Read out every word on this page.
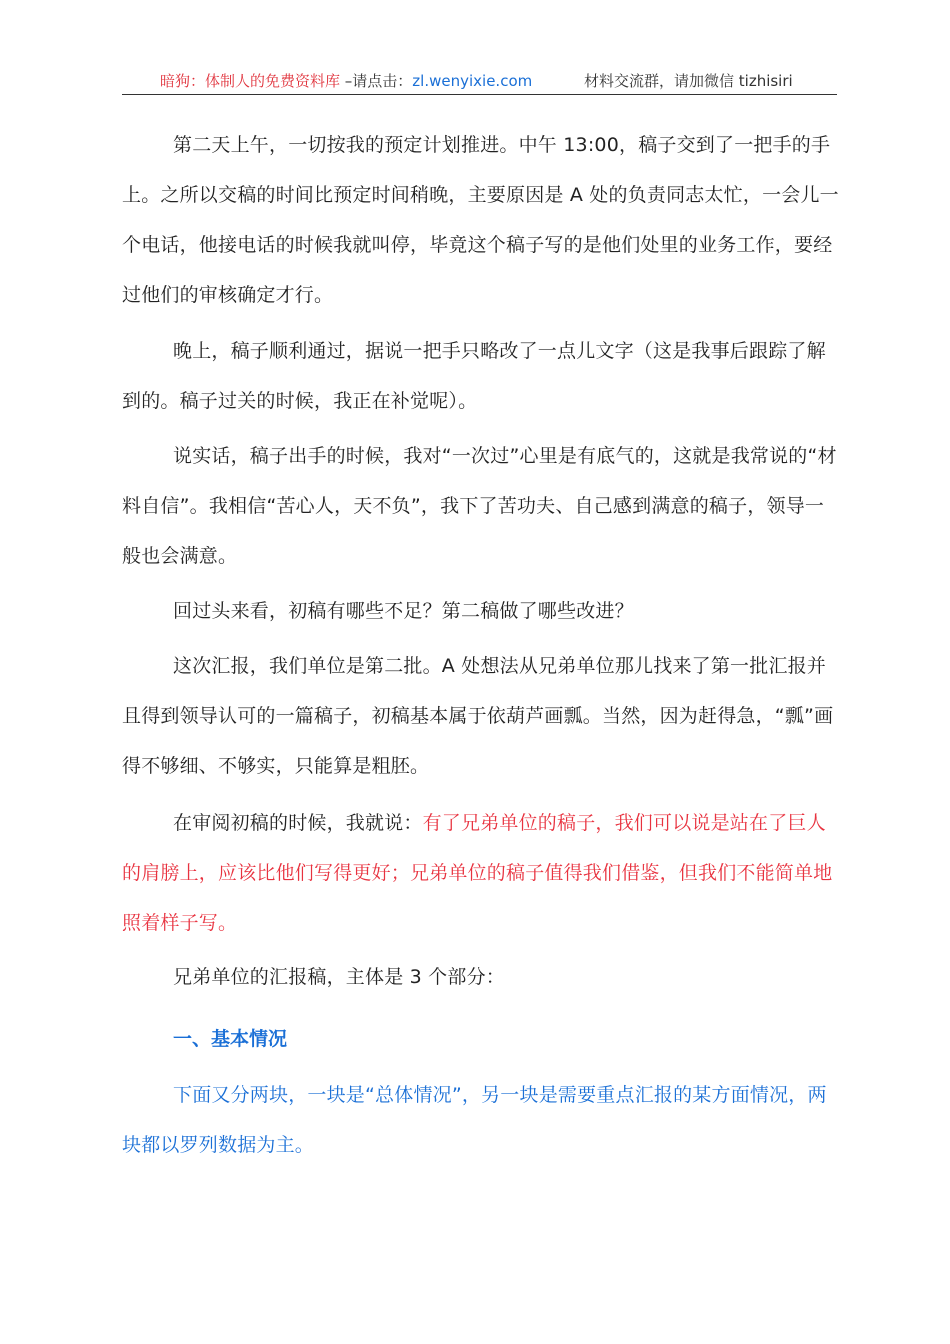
暗狗：体制人的免费资料库 –请点击：zl.wenyixie.com	材料交流群，请加微信 tizhisiri

第二天上午，一切按我的预定计划推进。中午 13:00，稿子交到了一把手的手上。之所以交稿的时间比预定时间稍晚，主要原因是 A 处的负责同志太忙，一会儿一个电话，他接电话的时候我就叫停，毕竟这个稿子写的是他们处里的业务工作，要经过他们的审核确定才行。

晚上，稿子顺利通过，据说一把手只略改了一点儿文字（这是我事后跟踪了解到的。稿子过关的时候，我正在补觉呢）。

说实话，稿子出手的时候，我对“一次过”心里是有底气的，这就是我常说的“材料自信”。我相信“苦心人，天不负”，我下了苦功夫、自己感到满意的稿子，领导一般也会满意。

回过头来看，初稿有哪些不足？第二稿做了哪些改进？

这次汇报，我们单位是第二批。A 处想法从兄弟单位那儿找来了第一批汇报并且得到领导认可的一篇稿子，初稿基本属于依葫芦画瓢。当然，因为赶得急，“瓢”画得不够细、不够实，只能算是粗胚。

在审阅初稿的时候，我就说：有了兄弟单位的稿子，我们可以说是站在了巨人的肩膀上，应该比他们写得更好；兄弟单位的稿子值得我们借鉴，但我们不能简单地照着样子写。

兄弟单位的汇报稿，主体是 3 个部分：

一、基本情况

下面又分两块，一块是“总体情况”，另一块是需要重点汇报的某方面情况，两块都以罗列数据为主。
